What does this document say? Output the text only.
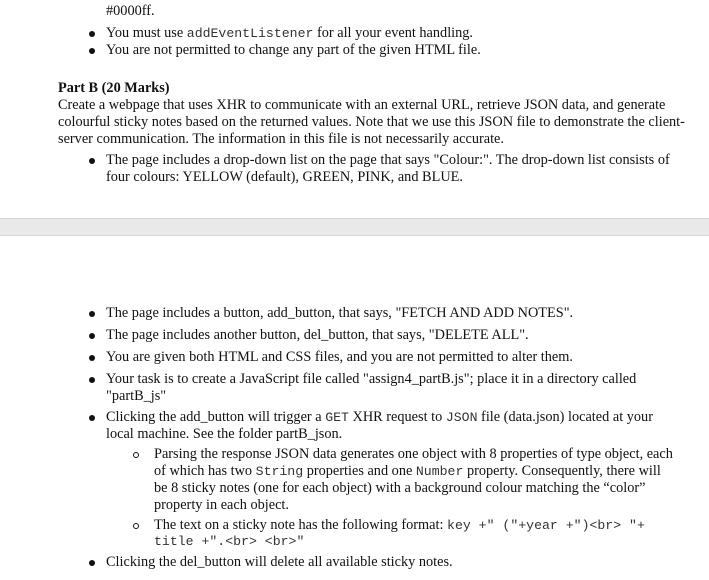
#0000ff.
You must use addEventListener for all your event handling.
You are not permitted to change any part of the given HTML file.
Part B (20 Marks)
Create a webpage that uses XHR to communicate with an external URL, retrieve JSON data, and generate
colourful sticky notes based on the returned values. Note that we use this JSON file to demonstrate the client-
server communication. The information in this file is not necessarily accurate.
The page includes a drop-down list on the page that says "Colour:". The drop-down list consists of
four colours: YELLOW (default), GREEN, PINK, and BLUE.
The page includes a button, add_button, that says, "FETCH AND ADD NOTES".
The page includes another button, del_button, that says, "DELETE ALL".
You are given both HTML and CSS files, and you are not permitted to alter them.
Your task is to create a JavaScript file called "assign4_partB.js"; place it in a directory called
"partB_js"
Clicking the add_button will trigger a GET XHR request to JSON file (data.json) located at your
local machine. See the folder partB_json.
Parsing the response JSON data generates one object with 8 properties of type object, each
of which has two String properties and one Number property. Consequently, there will
be 8 sticky notes (one for each object) with a background colour matching the “color”
property in each object.
The text on a sticky note has the following format: key +" ("+year +")<br> "+
title +".<br> <br>"
Clicking the del_button will delete all available sticky notes.
